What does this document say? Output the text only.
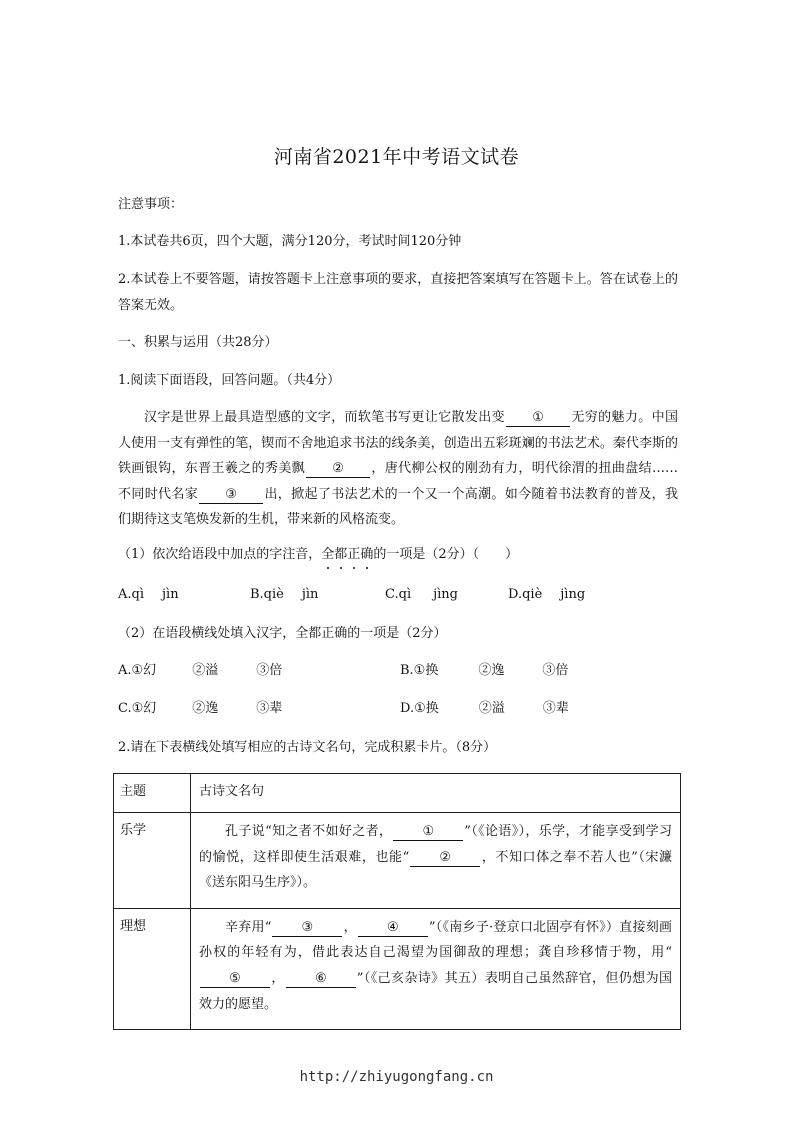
河南省2021年中考语文试卷
注意事项：
1.本试卷共6页，四个大题，满分120分，考试时间120分钟
2.本试卷上不要答题，请按答题卡上注意事项的要求，直接把答案填写在答题卡上。答在试卷上的答案无效。
一、积累与运用（共28分）
1.阅读下面语段，回答问题。（共4分）
汉字是世界上最具造型感的文字，而软笔书写更让它散发出变 ① 无穷的魅力。中国人使用一支有弹性的笔，锲而不舍地追求书法的线条美，创造出五彩斑斓的书法艺术。秦代李斯的铁画银钩，东晋王羲之的秀美飘 ② ，唐代柳公权的刚劲有力，明代徐渭的扭曲盘结……不同时代名家 ③ 出，掀起了书法艺术的一个又一个高潮。如今随着书法教育的普及，我们期待这支笔焕发新的生机，带来新的风格流变。
（1）依次给语段中加点的字注音，全都正确的一项是（2分）（　　）
A.qì jìn	B.qiè jìn	C.qì jìng	D.qiè jìng
（2）在语段横线处填入汉字，全都正确的一项是（2分）
A.①幻	②溢	③倍	B.①换	②逸	③倍
C.①幻	②逸	③辈	D.①换	②溢	③辈
2.请在下表横线处填写相应的古诗文名句，完成积累卡片。（8分）
主题	古诗文名句
乐学	孔子说“知之者不如好之者， ① ”（《论语》），乐学，才能享受到学习的愉悦，这样即使生活艰难，也能“ ② ，不知口体之奉不若人也”（宋濂《送东阳马生序》）。

理想	辛弃用“ ③ ， ④ ”（《南乡子·登京口北固亭有怀》）直接刻画孙权的年轻有为，借此表达自己渴望为国御敌的理想；龚自珍移情于物，用“⑤ ， ⑥ ”（《己亥杂诗》其五）表明自己虽然辞官，但仍想为国效力的愿望。

http://zhiyugongfang.cn
